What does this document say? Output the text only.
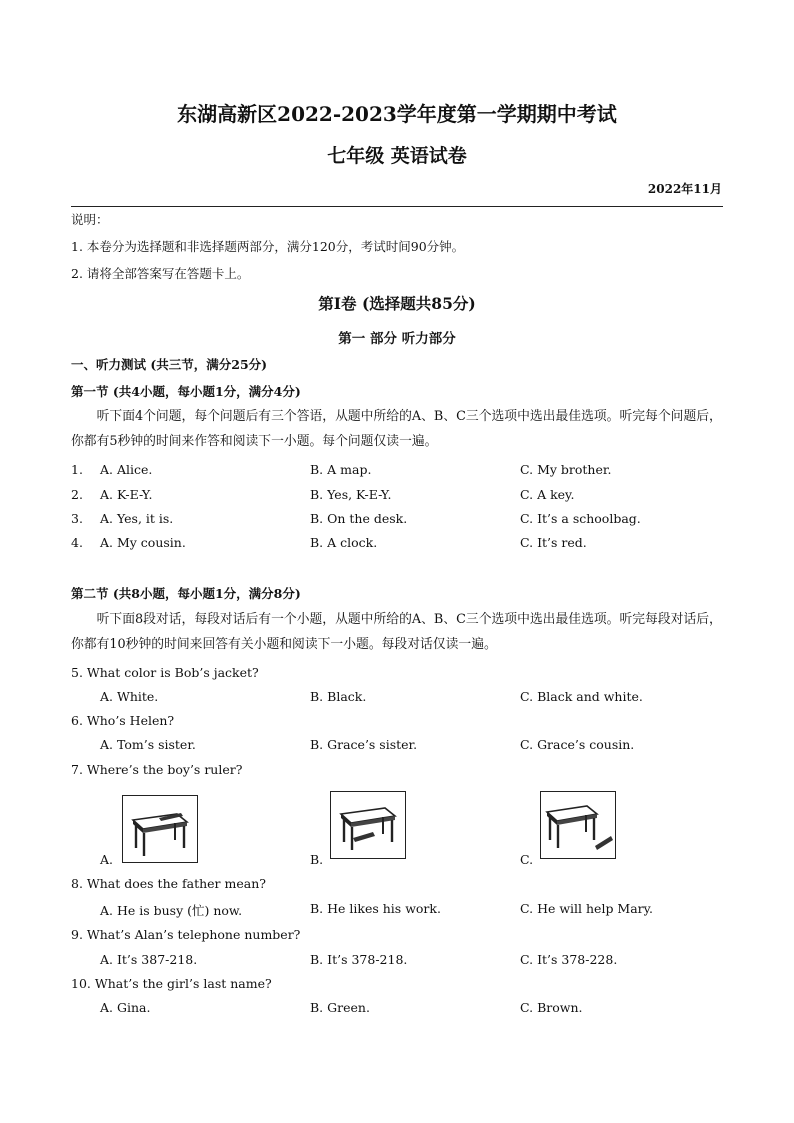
东湖高新区2022-2023学年度第一学期期中考试
七年级 英语试卷
2022年11月
说明：
1. 本卷分为选择题和非选择题两部分，满分120分，考试时间90分钟。
2. 请将全部答案写在答题卡上。
第Ⅰ卷 (选择题共85分)
第一 部分 听力部分
一、听力测试 (共三节，满分25分)
第一节 (共4小题，每小题1分，满分4分)
听下面4个问题，每个问题后有三个答语，从题中所给的A、B、C三个选项中选出最佳选项。听完每个问题后，你都有5秒钟的时间来作答和阅读下一小题。每个问题仅读一遍。
1. A. Alice.	B. A map.	C. My brother.
2. A. K-E-Y.	B. Yes, K-E-Y.	C. A key.
3. A. Yes, it is.	B. On the desk.	C. It’s a schoolbag.
4. A. My cousin.	B. A clock.	C. It’s red.
第二节 (共8小题，每小题1分，满分8分)
听下面8段对话，每段对话后有一个小题，从题中所给的A、B、C三个选项中选出最佳选项。听完每段对话后，你都有10秒钟的时间来回答有关小题和阅读下一小题。每段对话仅读一遍。
5. What color is Bob’s jacket?
A. White.	B. Black.	C. Black and white.
6. Who’s Helen?
A. Tom’s sister.	B. Grace’s sister.	C. Grace’s cousin.
7. Where’s the boy’s ruler?
A.	B.	C.
8. What does the father mean?
A. He is busy (忙) now.	B. He likes his work.	C. He will help Mary.
9. What’s Alan’s telephone number?
A. It’s 387-218.	B. It’s 378-218.	C. It’s 378-228.
10. What’s the girl’s last name?
A. Gina.	B. Green.	C. Brown.
